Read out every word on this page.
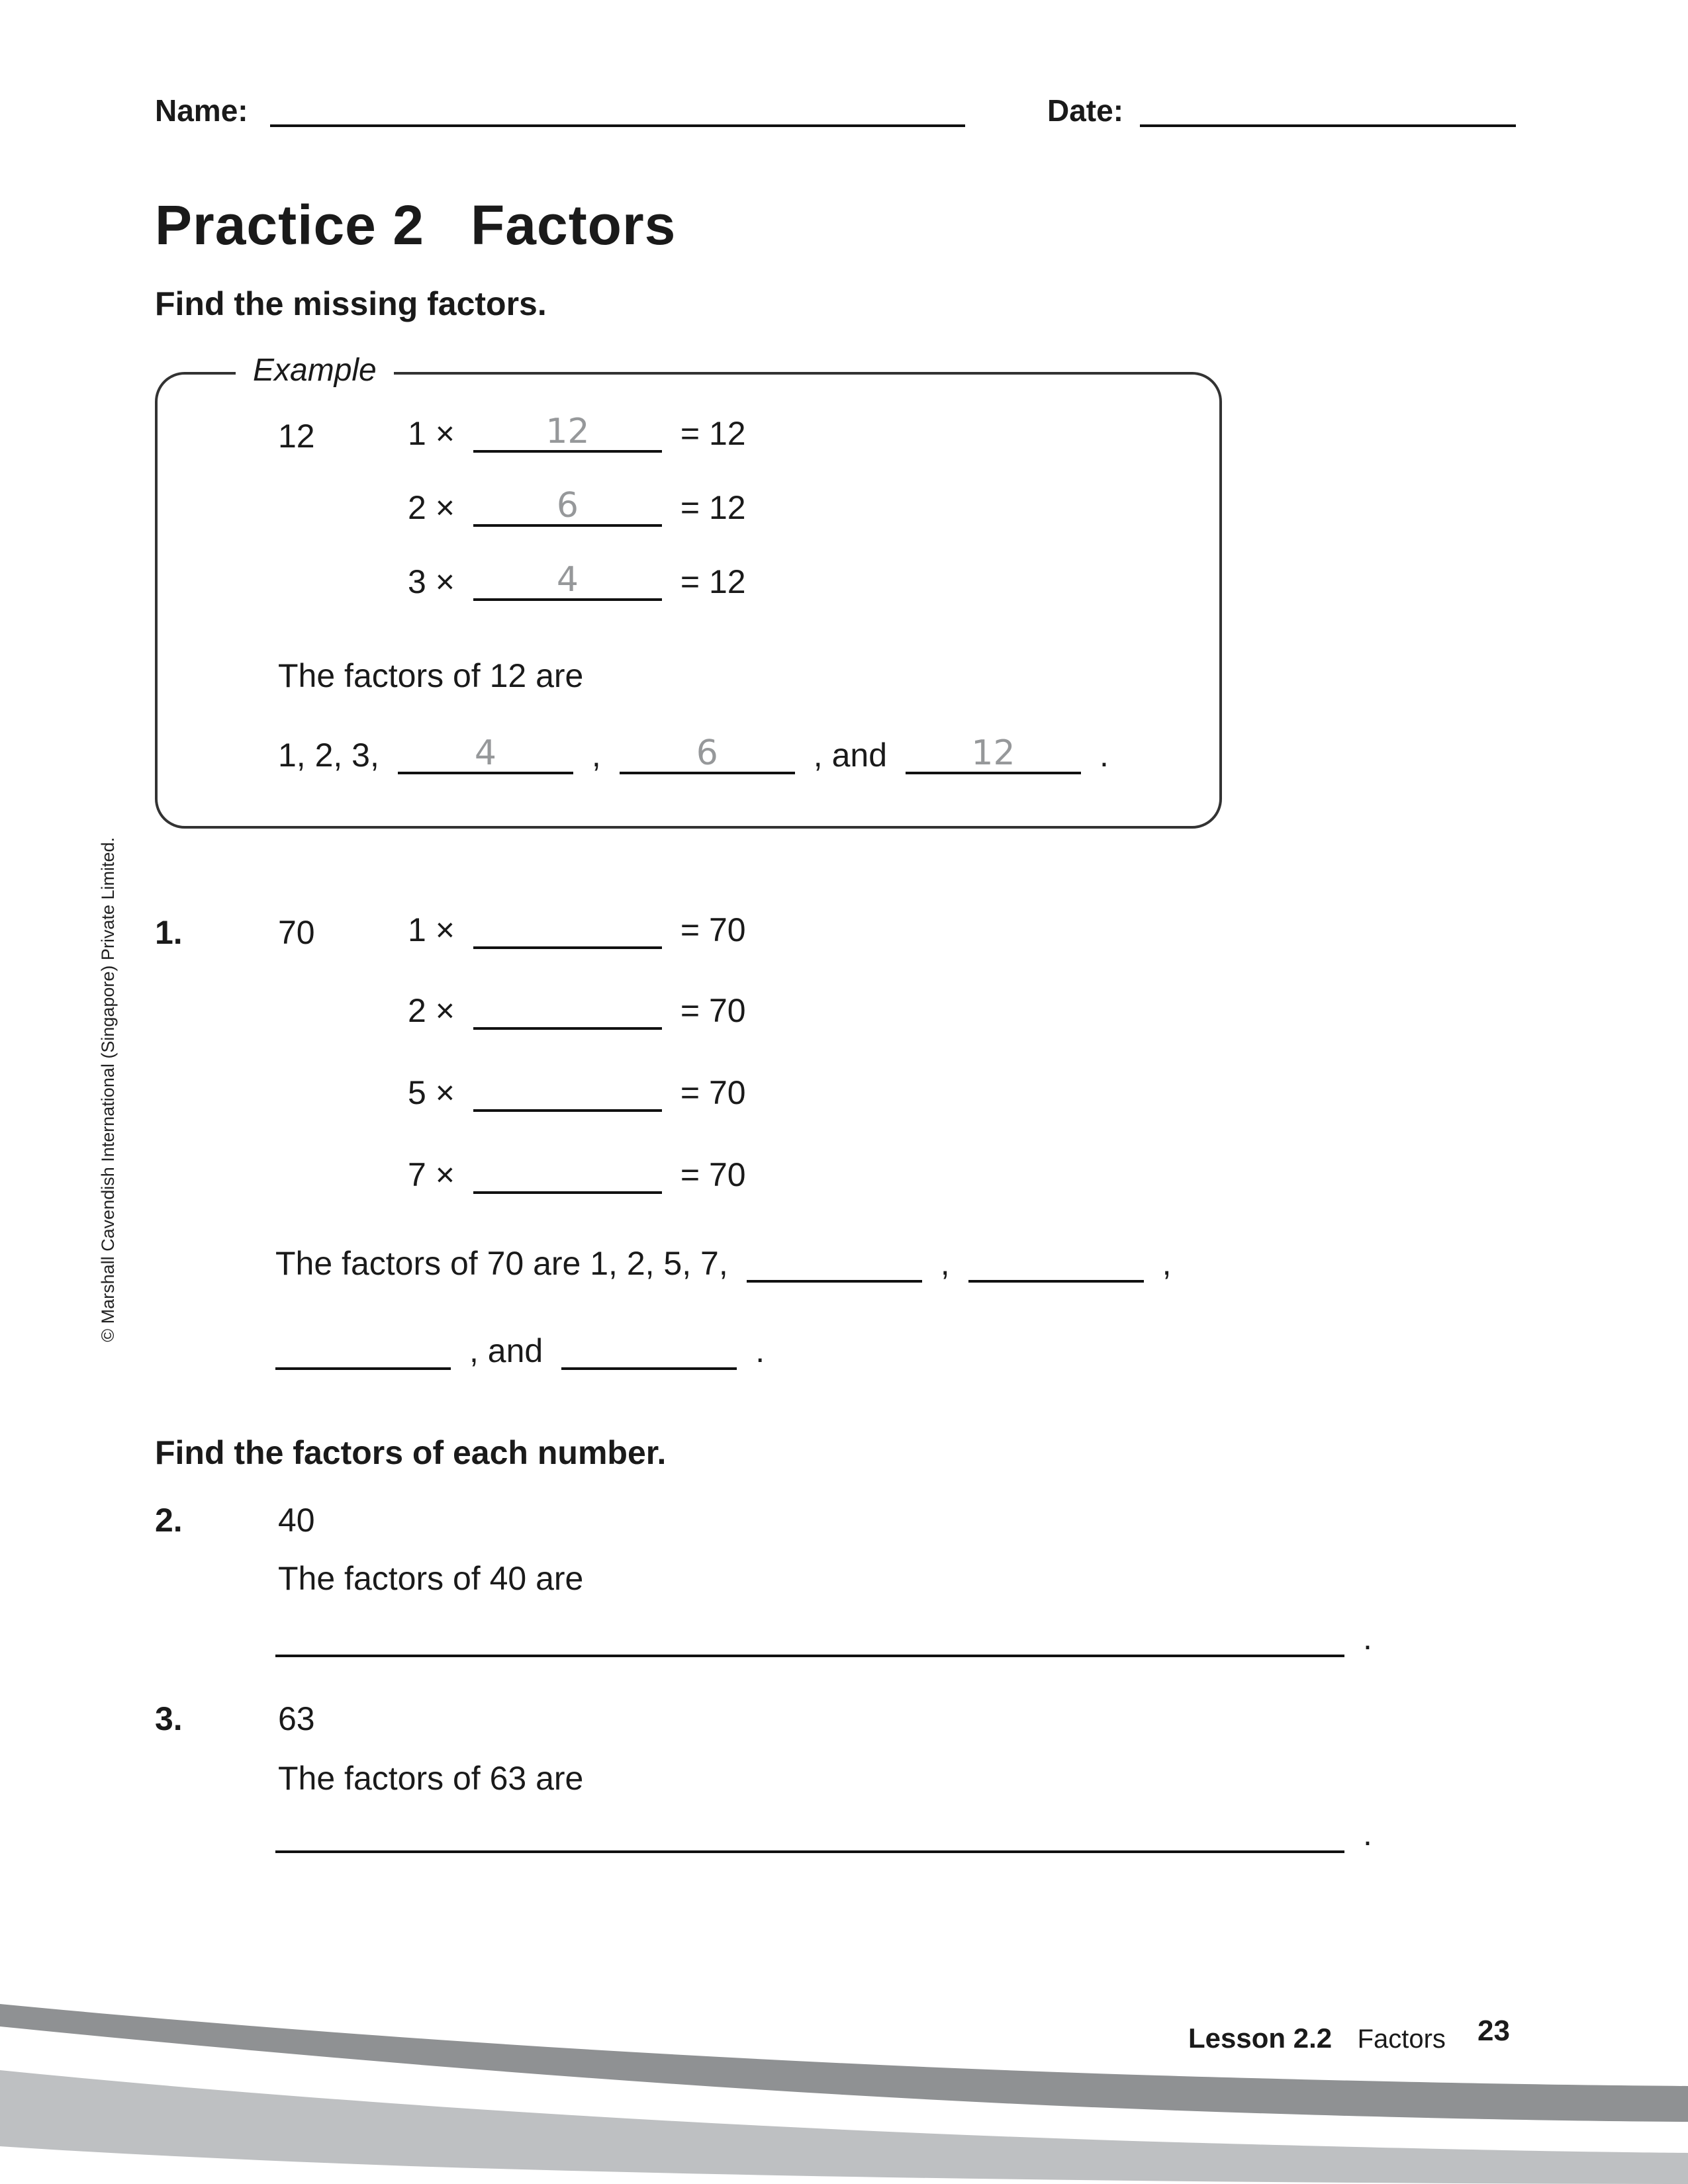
Name:	Date:
Practice 2 Factors
Find the missing factors.
Example
12	1 ×	12	= 12
2 ×	6	= 12
3 ×	4	= 12
The factors of 12 are
1, 2, 3,	4	,	6	, and	12	.
© Marshall Cavendish International (Singapore) Private Limited. 1.	70	1 ×	= 70
2 ×	= 70
5 ×	= 70
7 ×	= 70
The factors of 70 are 1, 2, 5, 7,	,	,
, and	.
Find the factors of each number.
2.	40
The factors of 40 are
.
3.	63
The factors of 63 are
.
Lesson 2.2 Factors 23
